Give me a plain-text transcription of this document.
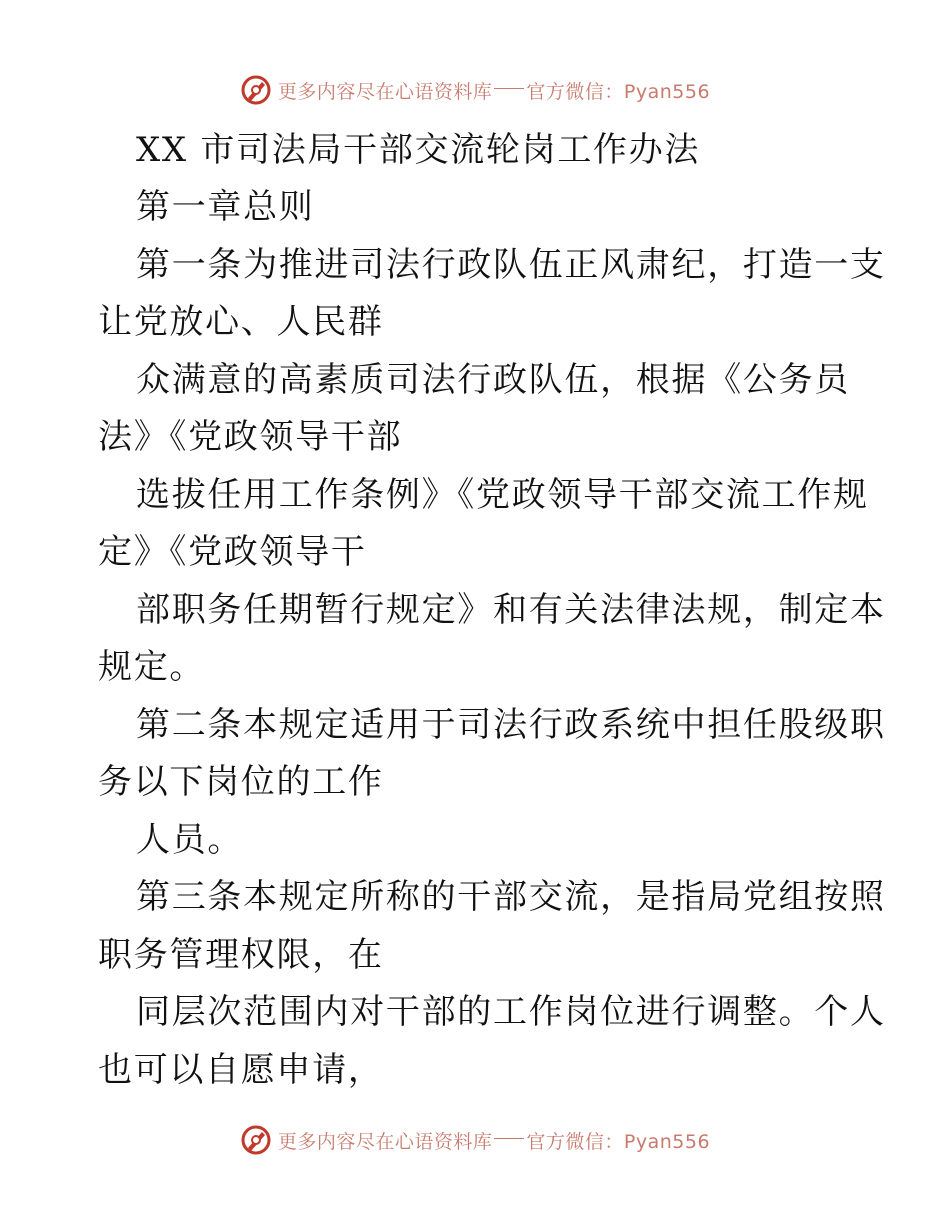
更多内容尽在心语资料库 官方微信：Pyan556
XX 市司法局干部交流轮岗工作办法
第一章总则
第一条为推进司法行政队伍正风肃纪，打造一支
让党放心、人民群
众满意的高素质司法行政队伍，根据《公务员
法》《党政领导干部
选拔任用工作条例》《党政领导干部交流工作规
定》《党政领导干
部职务任期暂行规定》和有关法律法规，制定本
规定。
第二条本规定适用于司法行政系统中担任股级职
务以下岗位的工作
人员。
第三条本规定所称的干部交流，是指局党组按照
职务管理权限，在
同层次范围内对干部的工作岗位进行调整。个人
也可以自愿申请，
更多内容尽在心语资料库 官方微信：Pyan556
